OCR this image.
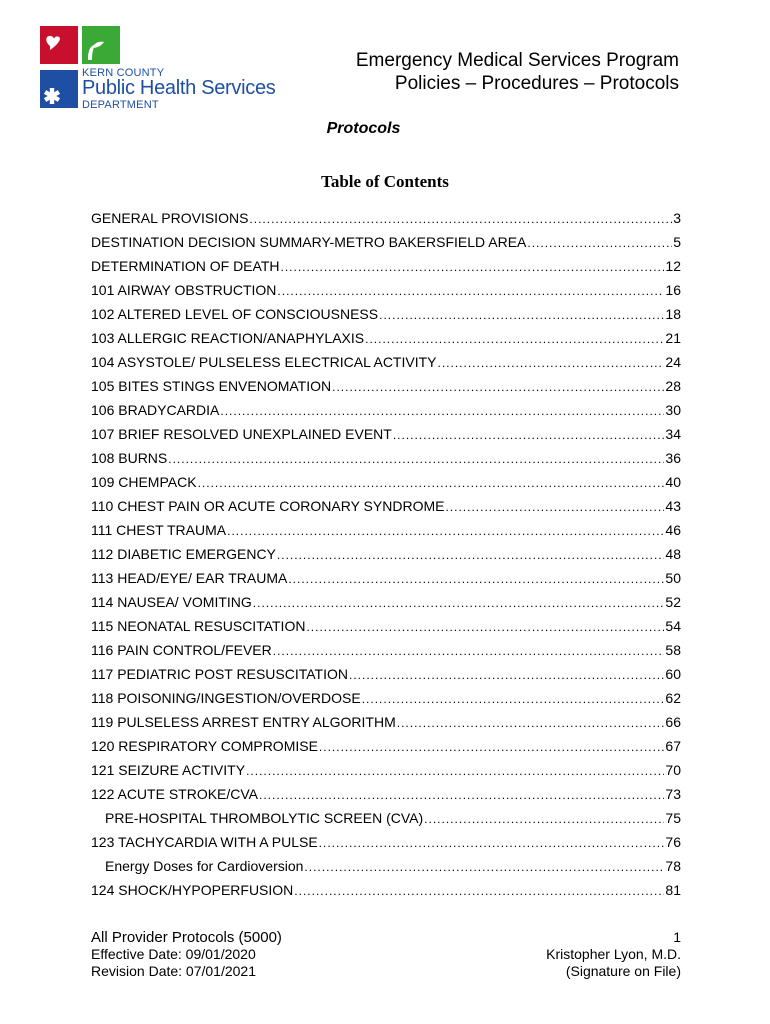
KERN COUNTY
Public Health Services
DEPARTMENT
Emergency Medical Services Program
Policies – Procedures – Protocols
Protocols
Table of Contents
GENERAL PROVISIONS .....	3
DESTINATION DECISION SUMMARY-METRO BAKERSFIELD AREA .....	5
DETERMINATION OF DEATH .....	12
101 AIRWAY OBSTRUCTION .....	16
102 ALTERED LEVEL OF CONSCIOUSNESS .....	18
103 ALLERGIC REACTION/ANAPHYLAXIS .....	21
104 ASYSTOLE/ PULSELESS ELECTRICAL ACTIVITY .....	24
105 BITES STINGS ENVENOMATION .....	28
106 BRADYCARDIA .....	30
107 BRIEF RESOLVED UNEXPLAINED EVENT .....	34
108 BURNS .....	36
109 CHEMPACK .....	40
110 CHEST PAIN OR ACUTE CORONARY SYNDROME .....	43
111 CHEST TRAUMA .....	46
112 DIABETIC EMERGENCY .....	48
113 HEAD/EYE/ EAR TRAUMA .....	50
114 NAUSEA/ VOMITING .....	52
115 NEONATAL RESUSCITATION .....	54
116 PAIN CONTROL/FEVER .....	58
117 PEDIATRIC POST RESUSCITATION .....	60
118 POISONING/INGESTION/OVERDOSE .....	62
119 PULSELESS ARREST ENTRY ALGORITHM .....	66
120 RESPIRATORY COMPROMISE .....	67
121 SEIZURE ACTIVITY .....	70
122 ACUTE STROKE/CVA .....	73
PRE-HOSPITAL THROMBOLYTIC SCREEN (CVA) .....	75
123 TACHYCARDIA WITH A PULSE .....	76
Energy Doses for Cardioversion .....	78
124 SHOCK/HYPOPERFUSION .....	81
All Provider Protocols (5000)
Effective Date: 09/01/2020
Revision Date: 07/01/2021
1
Kristopher Lyon, M.D.
(Signature on File)
